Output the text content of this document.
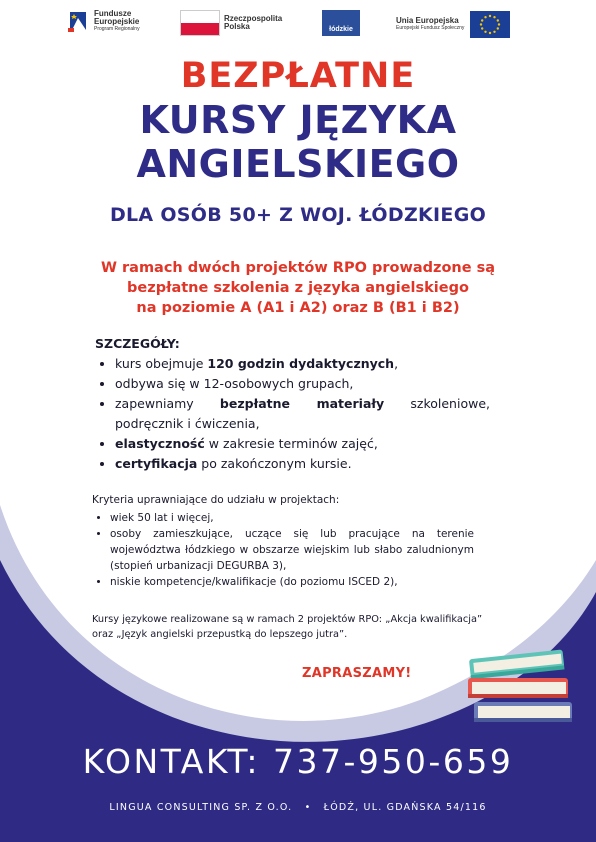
Fundusze
Europejskie
Program Regionalny
Rzeczpospolita
Polska	łódzkie
Unia Europejska
Europejski Fundusz Społeczny
BEZPŁATNE
KURSY JĘZYKA
ANGIELSKIEGO
DLA OSÓB 50+ Z WOJ. ŁÓDZKIEGO
W ramach dwóch projektów RPO prowadzone są
bezpłatne szkolenia z języka angielskiego
na poziomie A (A1 i A2) oraz B (B1 i B2)
SZCZEGÓŁY:
• kurs obejmuje 120 godzin dydaktycznych,
• odbywa się w 12-osobowych grupach,
• zapewniamy bezpłatne materiały szkoleniowe, podręcznik i ćwiczenia,
• elastyczność w zakresie terminów zajęć,
• certyfikacja po zakończonym kursie.

Kryteria uprawniające do udziału w projektach:

• wiek 50 lat i więcej,
• osoby zamieszkujące, uczące się lub pracujące na terenie województwa łódzkiego w obszarze wiejskim lub słabo zaludnionym (stopień urbanizacji DEGURBA 3),
• niskie kompetencje/kwalifikacje (do poziomu ISCED 2),
Kursy językowe realizowane są w ramach 2 projektów RPO: „Akcja kwalifikacja” oraz „Język angielski przepustką do lepszego jutra”.
ZAPRASZAMY!
KONTAKT: 737-950-659
LINGUA CONSULTING SP. Z O.O. • ŁÓDŹ, UL. GDAŃSKA 54/116
